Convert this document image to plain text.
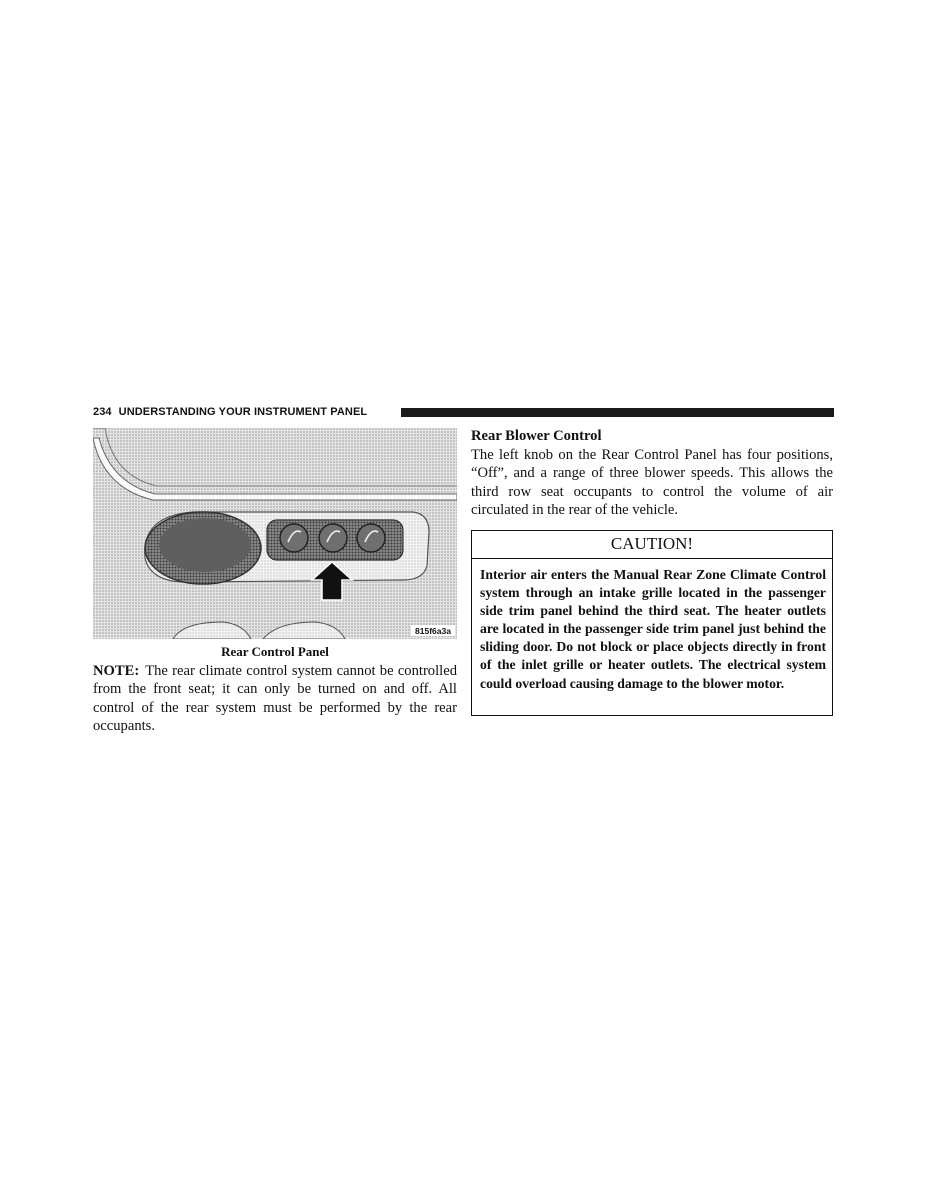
234 UNDERSTANDING YOUR INSTRUMENT PANEL
815f6a3a
Rear Control Panel
NOTE: The rear climate control system cannot be controlled from the front seat; it can only be turned on and off. All control of the rear system must be performed by the rear occupants.
Rear Blower Control
The left knob on the Rear Control Panel has four positions, “Off”, and a range of three blower speeds. This allows the third row seat occupants to control the volume of air circulated in the rear of the vehicle.
CAUTION!
Interior air enters the Manual Rear Zone Climate Control system through an intake grille located in the passenger side trim panel behind the third seat. The heater outlets are located in the passenger side trim panel just behind the sliding door. Do not block or place objects directly in front of the inlet grille or heater outlets. The electrical system could overload causing damage to the blower motor.
